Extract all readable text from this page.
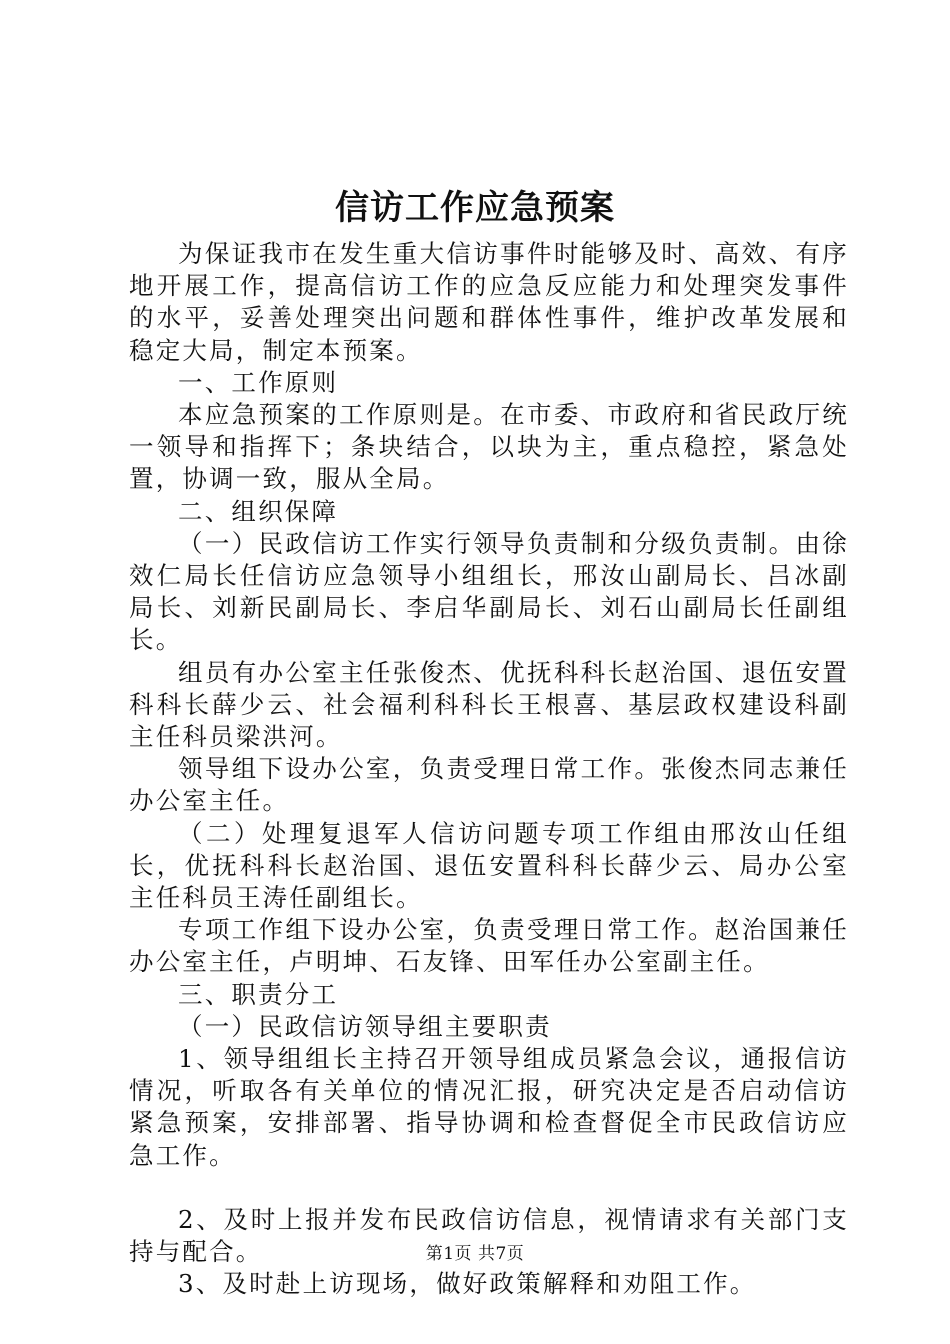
信访工作应急预案

为保证我市在发生重大信访事件时能够及时、高效、有序地开展工作，提高信访工作的应急反应能力和处理突发事件的水平，妥善处理突出问题和群体性事件，维护改革发展和稳定大局，制定本预案。

一、工作原则

本应急预案的工作原则是。在市委、市政府和省民政厅统一领导和指挥下；条块结合，以块为主，重点稳控，紧急处置，协调一致，服从全局。

二、组织保障

（一）民政信访工作实行领导负责制和分级负责制。由徐效仁局长任信访应急领导小组组长，邢汝山副局长、吕冰副局长、刘新民副局长、李启华副局长、刘石山副局长任副组长。

组员有办公室主任张俊杰、优抚科科长赵治国、退伍安置科科长薛少云、社会福利科科长王根喜、基层政权建设科副主任科员梁洪河。

领导组下设办公室，负责受理日常工作。张俊杰同志兼任办公室主任。

（二）处理复退军人信访问题专项工作组由邢汝山任组长，优抚科科长赵治国、退伍安置科科长薛少云、局办公室主任科员王涛任副组长。

专项工作组下设办公室，负责受理日常工作。赵治国兼任办公室主任，卢明坤、石友锋、田军任办公室副主任。

三、职责分工

（一）民政信访领导组主要职责

1、领导组组长主持召开领导组成员紧急会议，通报信访情况，听取各有关单位的情况汇报，研究决定是否启动信访紧急预案，安排部署、指导协调和检查督促全市民政信访应急工作。

2、及时上报并发布民政信访信息，视情请求有关部门支持与配合。

3、及时赴上访现场，做好政策解释和劝阻工作。

第1页 共7页
